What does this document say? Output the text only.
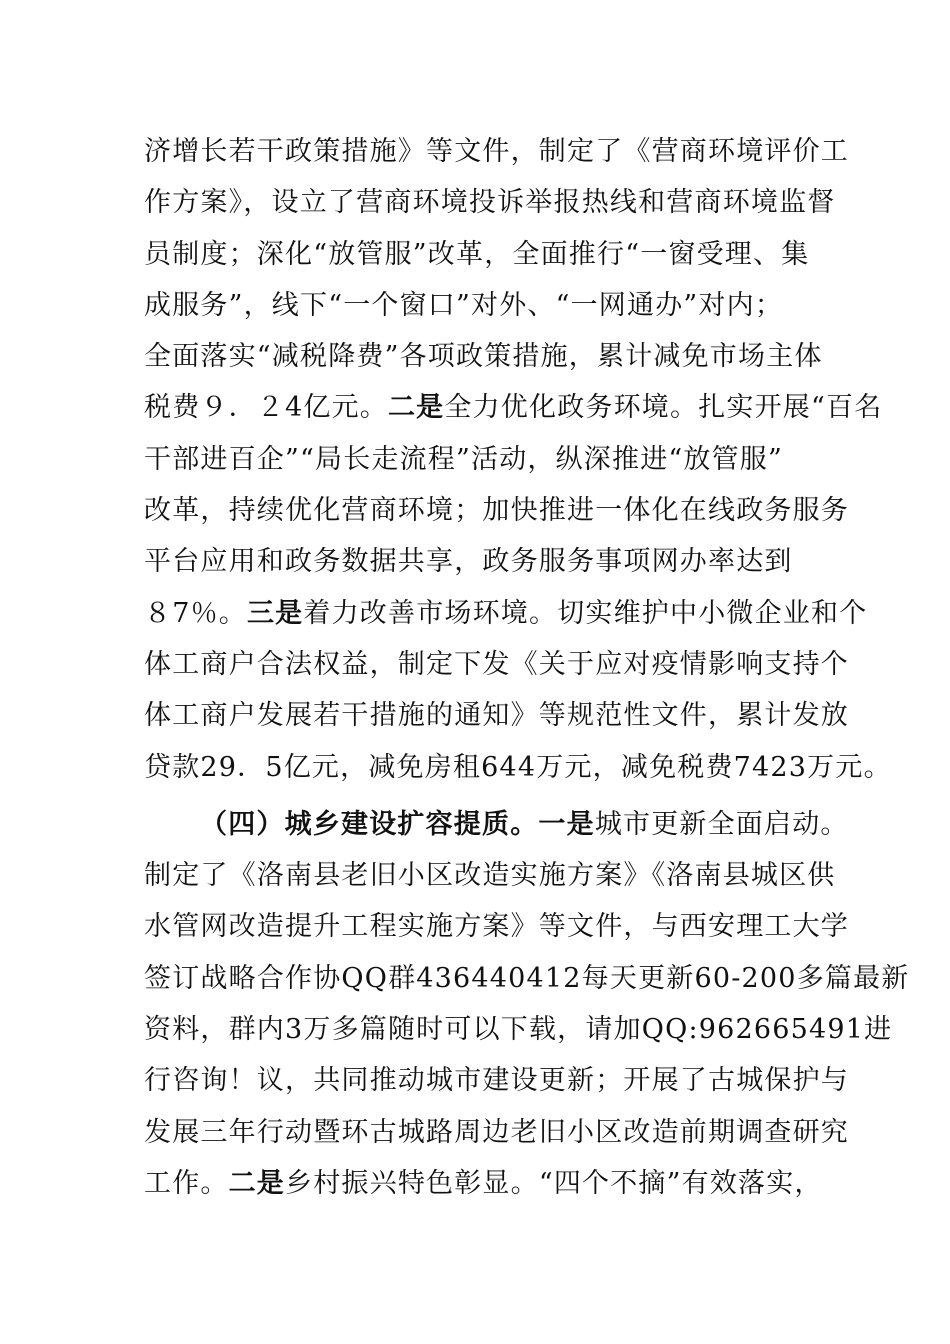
济增长若干政策措施》等文件，制定了《营商环境评价工
作方案》，设立了营商环境投诉举报热线和营商环境监督
员制度；深化“放管服”改革，全面推行“一窗受理、集
成服务”，线下“一个窗口”对外、“一网通办”对内；
全面落实“减税降费”各项政策措施，累计减免市场主体
税费９．２4亿元。二是全力优化政务环境。扎实开展“百名
干部进百企”“局长走流程”活动，纵深推进“放管服”
改革，持续优化营商环境；加快推进一体化在线政务服务
平台应用和政务数据共享，政务服务事项网办率达到
８7％。三是着力改善市场环境。切实维护中小微企业和个
体工商户合法权益，制定下发《关于应对疫情影响支持个
体工商户发展若干措施的通知》等规范性文件，累计发放
贷款29．5亿元，减免房租644万元，减免税费7423万元。
（四）城乡建设扩容提质。一是城市更新全面启动。
制定了《洛南县老旧小区改造实施方案》《洛南县城区供
水管网改造提升工程实施方案》等文件，与西安理工大学
签订战略合作协QQ群436440412每天更新60-200多篇最新
资料，群内3万多篇随时可以下载，请加QQ:962665491进
行咨询！议，共同推动城市建设更新；开展了古城保护与
发展三年行动暨环古城路周边老旧小区改造前期调查研究
工作。二是乡村振兴特色彰显。“四个不摘”有效落实，
